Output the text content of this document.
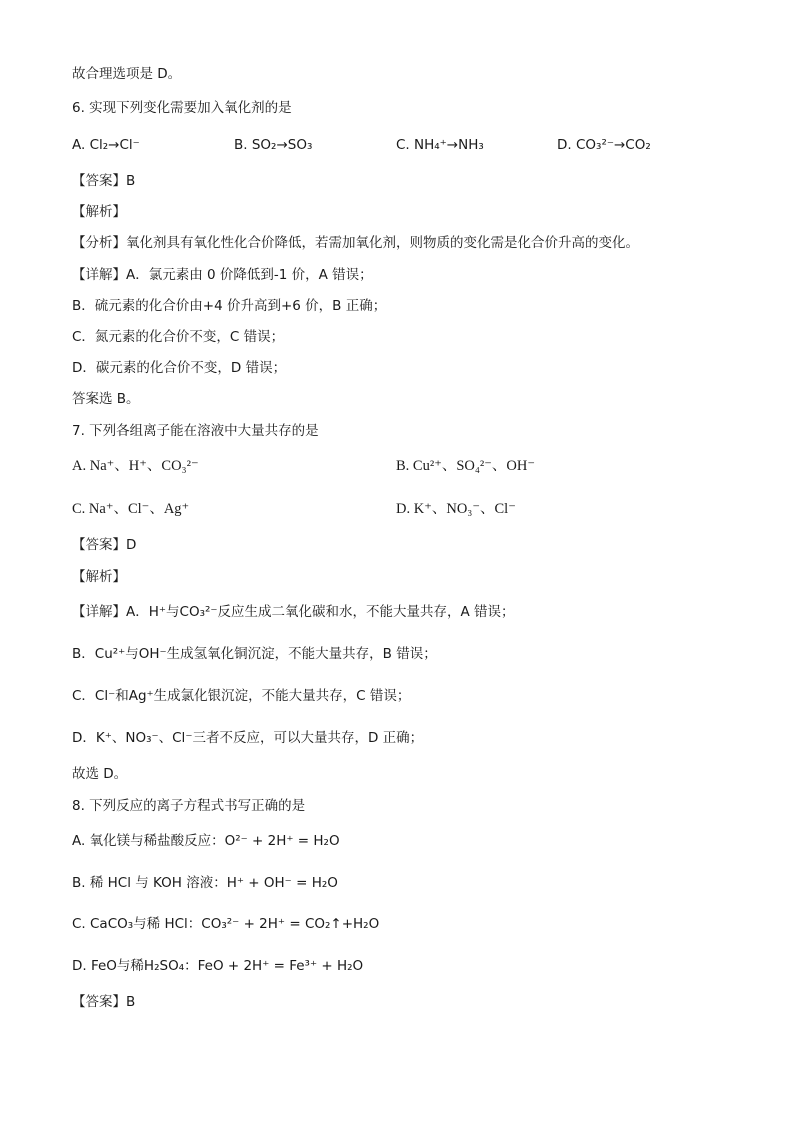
故合理选项是 D。
6. 实现下列变化需要加入氧化剂的是
A. Cl₂→Cl⁻	B. SO₂→SO₃	C. NH₄⁺→NH₃	D. CO₃²⁻→CO₂
【答案】B
【解析】
【分析】氧化剂具有氧化性化合价降低，若需加氧化剂，则物质的变化需是化合价升高的变化。
【详解】A．氯元素由 0 价降低到-1 价，A 错误；
B．硫元素的化合价由+4 价升高到+6 价，B 正确；
C．氮元素的化合价不变，C 错误；
D．碳元素的化合价不变，D 错误；
答案选 B。
7. 下列各组离子能在溶液中大量共存的是
A. Na⁺、H⁺、CO₃²⁻	B. Cu²⁺、SO₄²⁻、OH⁻
C. Na⁺、Cl⁻、Ag⁺	D. K⁺、NO₃⁻、Cl⁻
【答案】D
【解析】
【详解】A．H⁺与CO₃²⁻反应生成二氧化碳和水，不能大量共存，A 错误；
B．Cu²⁺与OH⁻生成氢氧化铜沉淀，不能大量共存，B 错误；
C．Cl⁻和Ag⁺生成氯化银沉淀，不能大量共存，C 错误；
D．K⁺、NO₃⁻、Cl⁻三者不反应，可以大量共存，D 正确；
故选 D。
8. 下列反应的离子方程式书写正确的是
A. 氧化镁与稀盐酸反应：O²⁻ + 2H⁺ = H₂O
B. 稀 HCl 与 KOH 溶液：H⁺ + OH⁻ = H₂O
C. CaCO₃与稀 HCl：CO₃²⁻ + 2H⁺ = CO₂↑+H₂O
D. FeO与稀H₂SO₄：FeO + 2H⁺ = Fe³⁺ + H₂O
【答案】B
